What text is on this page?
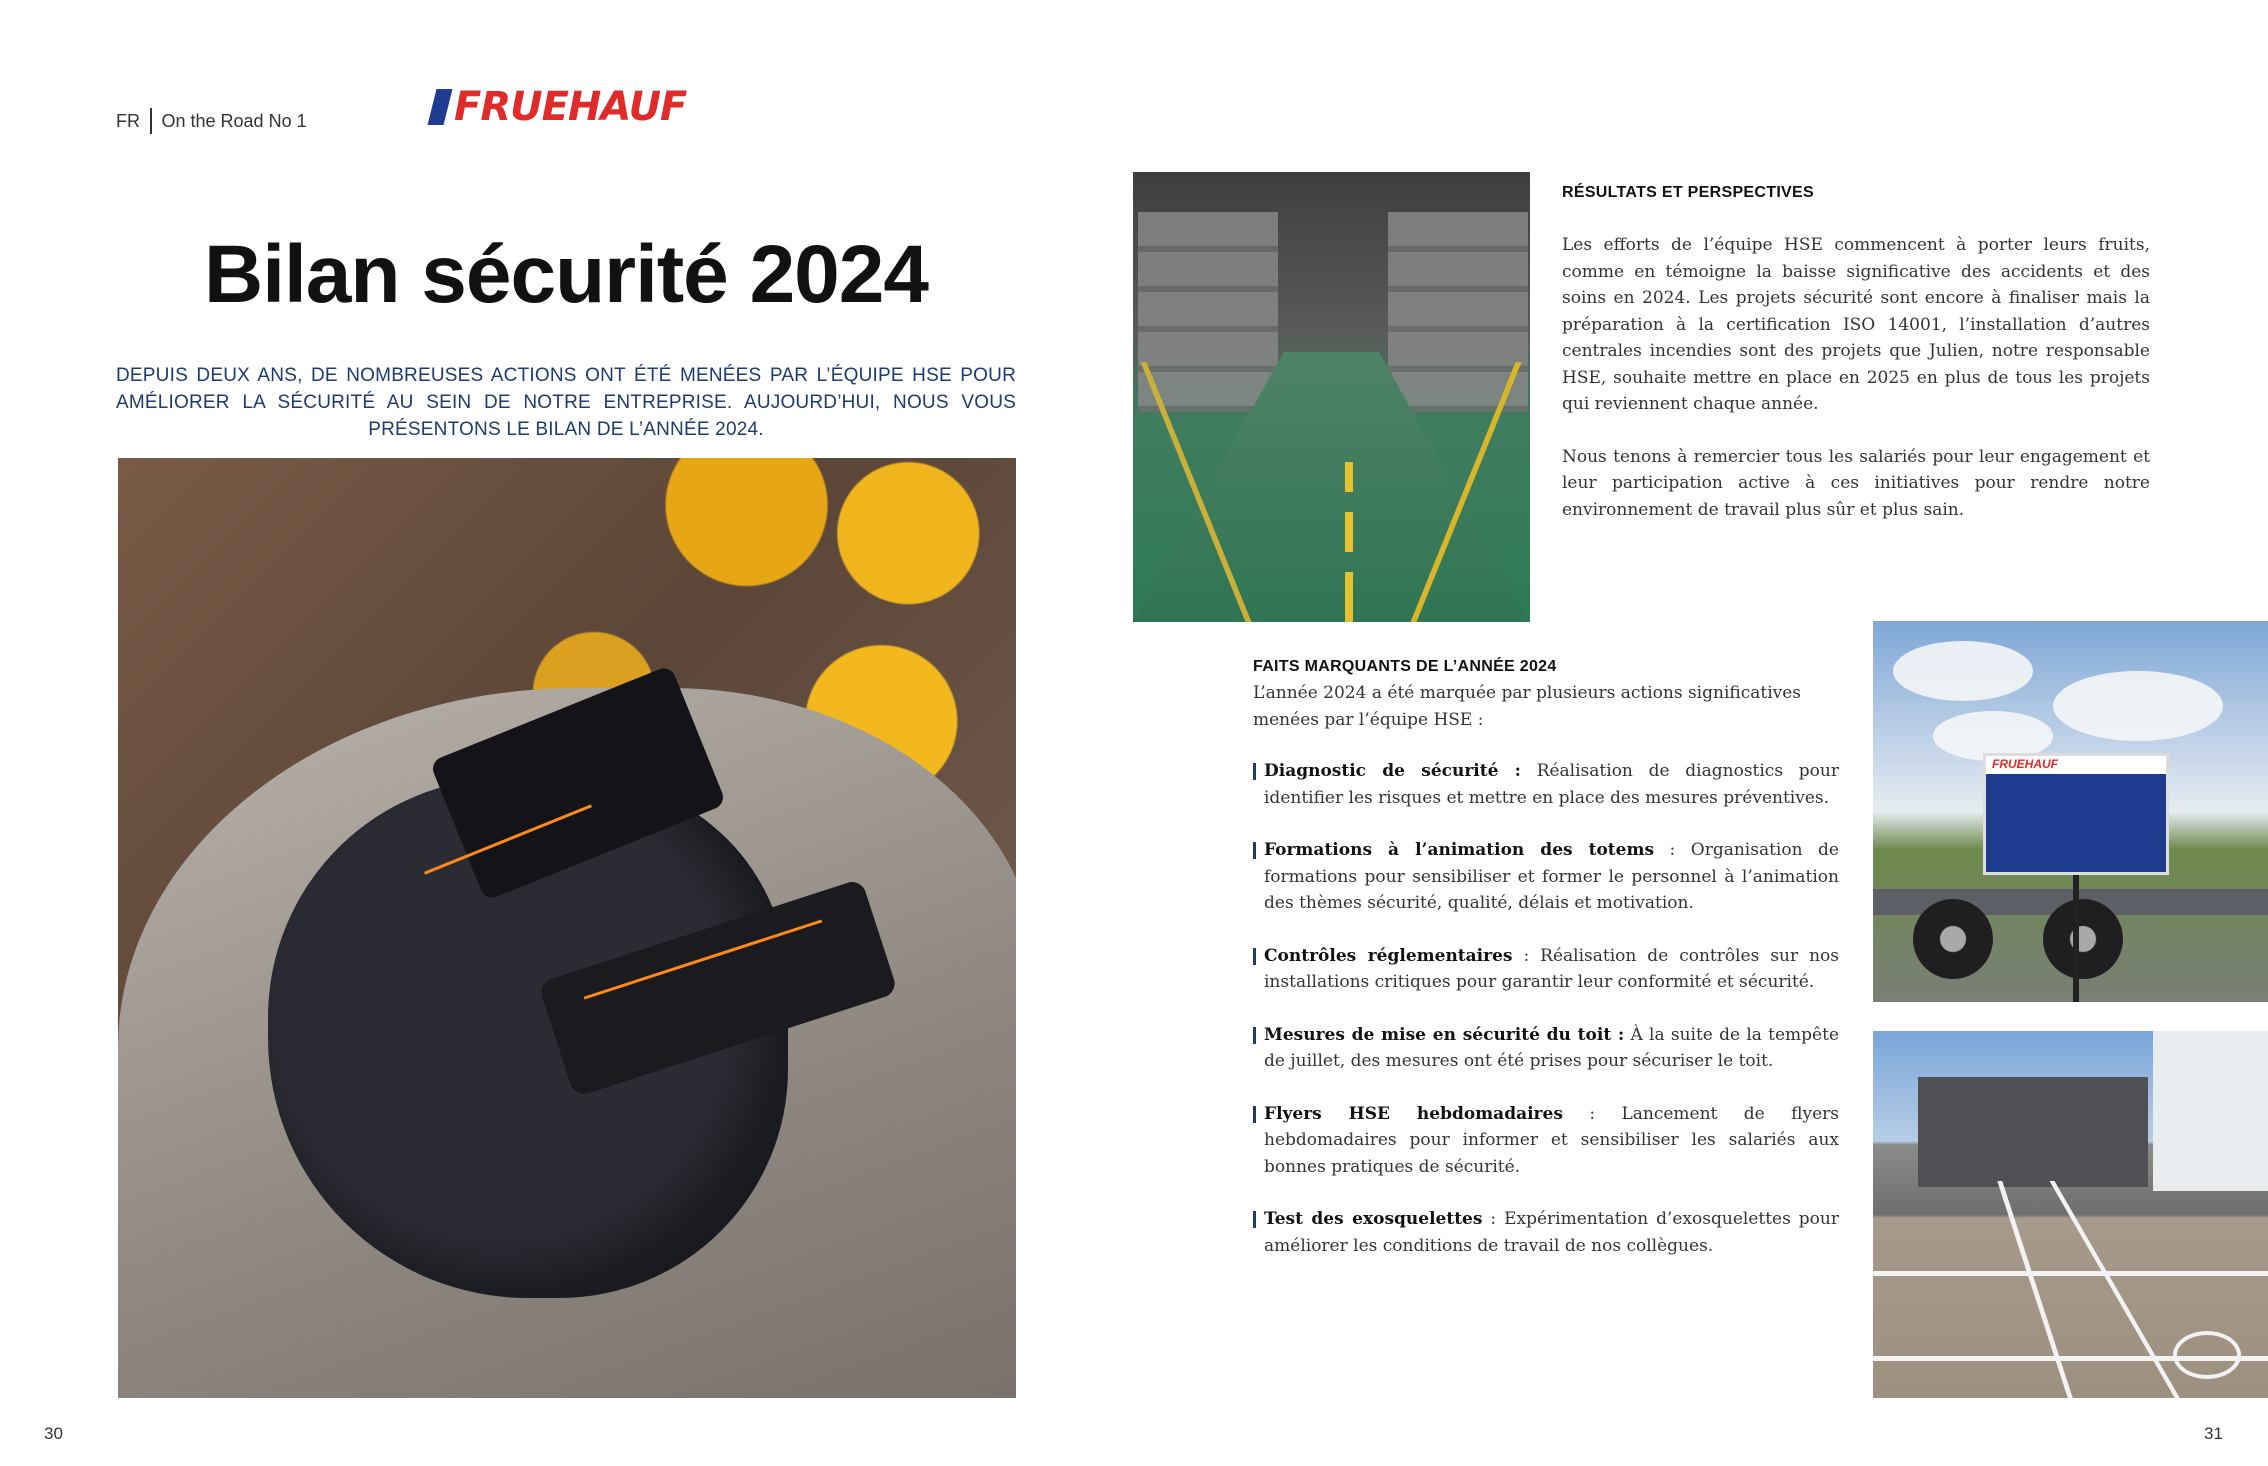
FR On the Road No 1	FRUEHAUF
Bilan sécurité 2024
DEPUIS DEUX ANS, DE NOMBREUSES ACTIONS ONT ÉTÉ MENÉES PAR L’ÉQUIPE HSE POUR AMÉLIORER LA SÉCURITÉ AU SEIN DE NOTRE ENTREPRISE. AUJOURD’HUI, NOUS VOUS PRÉSENTONS LE BILAN DE L’ANNÉE 2024.
RÉSULTATS ET PERSPECTIVES

Les efforts de l’équipe HSE commencent à porter leurs fruits, comme en témoigne la baisse significative des accidents et des soins en 2024. Les projets sécurité sont encore à finaliser mais la préparation à la certification ISO 14001, l’installation d’autres centrales incendies sont des projets que Julien, notre responsable HSE, souhaite mettre en place en 2025 en plus de tous les projets qui reviennent chaque année.

Nous tenons à remercier tous les salariés pour leur engagement et leur participation active à ces initiatives pour rendre notre environnement de travail plus sûr et plus sain.

FAITS MARQUANTS DE L’ANNÉE 2024
L’année 2024 a été marquée par plusieurs actions significatives menées par l’équipe HSE :
Diagnostic de sécurité : Réalisation de diagnostics pour identifier les risques et mettre en place des mesures préventives.
Formations à l’animation des totems : Organisation de formations pour sensibiliser et former le personnel à l’animation des thèmes sécurité, qualité, délais et motivation.
Contrôles réglementaires : Réalisation de contrôles sur nos installations critiques pour garantir leur conformité et sécurité.
Mesures de mise en sécurité du toit : À la suite de la tempête de juillet, des mesures ont été prises pour sécuriser le toit.
Flyers HSE hebdomadaires : Lancement de flyers hebdomadaires pour informer et sensibiliser les salariés aux bonnes pratiques de sécurité.
Test des exosquelettes : Expérimentation d’exosquelettes pour améliorer les conditions de travail de nos collègues.
FRUEHAUF
30	31
